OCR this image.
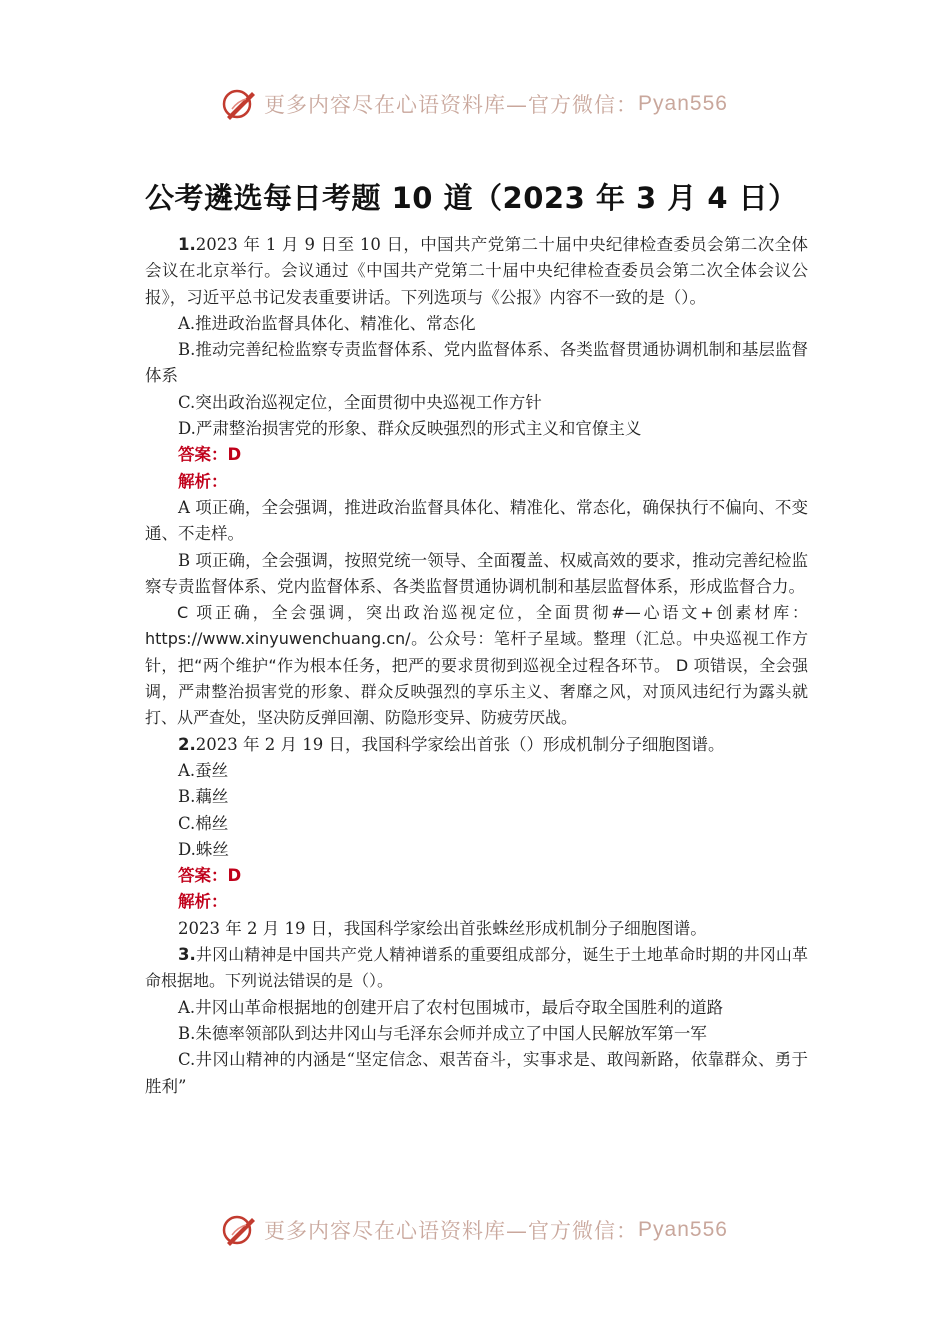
更多内容尽在心语资料库—官方微信： Pyan556
公考遴选每日考题 10 道（2023 年 3 月 4 日）

1.2023 年 1 月 9 日至 10 日，中国共产党第二十届中央纪律检查委员会第二次全体会议在北京举行。会议通过《中国共产党第二十届中央纪律检查委员会第二次全体会议公报》，习近平总书记发表重要讲话。下列选项与《公报》内容不一致的是（）。

A.推进政治监督具体化、精准化、常态化

B.推动完善纪检监察专责监督体系、党内监督体系、各类监督贯通协调机制和基层监督体系

C.突出政治巡视定位，全面贯彻中央巡视工作方针

D.严肃整治损害党的形象、群众反映强烈的形式主义和官僚主义

答案：D

解析：

A 项正确，全会强调，推进政治监督具体化、精准化、常态化，确保执行不偏向、不变通、不走样。

B 项正确，全会强调，按照党统一领导、全面覆盖、权威高效的要求，推动完善纪检监察专责监督体系、党内监督体系、各类监督贯通协调机制和基层监督体系，形成监督合力。

C 项正确，全会强调，突出政治巡视定位，全面贯彻#—心语文+创素材库：https://www.xinyuwenchuang.cn/。公众号：笔杆子星域。整理（汇总。中央巡视工作方针，把“两个维护“作为根本任务，把严的要求贯彻到巡视全过程各环节。 D 项错误，全会强调，严肃整治损害党的形象、群众反映强烈的享乐主义、奢靡之风，对顶风违纪行为露头就打、从严查处，坚决防反弹回潮、防隐形变异、防疲劳厌战。

2.2023 年 2 月 19 日，我国科学家绘出首张（）形成机制分子细胞图谱。

A.蚕丝

B.藕丝

C.棉丝

D.蛛丝

答案：D

解析：

2023 年 2 月 19 日，我国科学家绘出首张蛛丝形成机制分子细胞图谱。

3.井冈山精神是中国共产党人精神谱系的重要组成部分，诞生于土地革命时期的井冈山革命根据地。下列说法错误的是（）。

A.井冈山革命根据地的创建开启了农村包围城市，最后夺取全国胜利的道路

B.朱德率领部队到达井冈山与毛泽东会师并成立了中国人民解放军第一军

C.井冈山精神的内涵是“坚定信念、艰苦奋斗，实事求是、敢闯新路，依靠群众、勇于胜利”

更多内容尽在心语资料库—官方微信： Pyan556
